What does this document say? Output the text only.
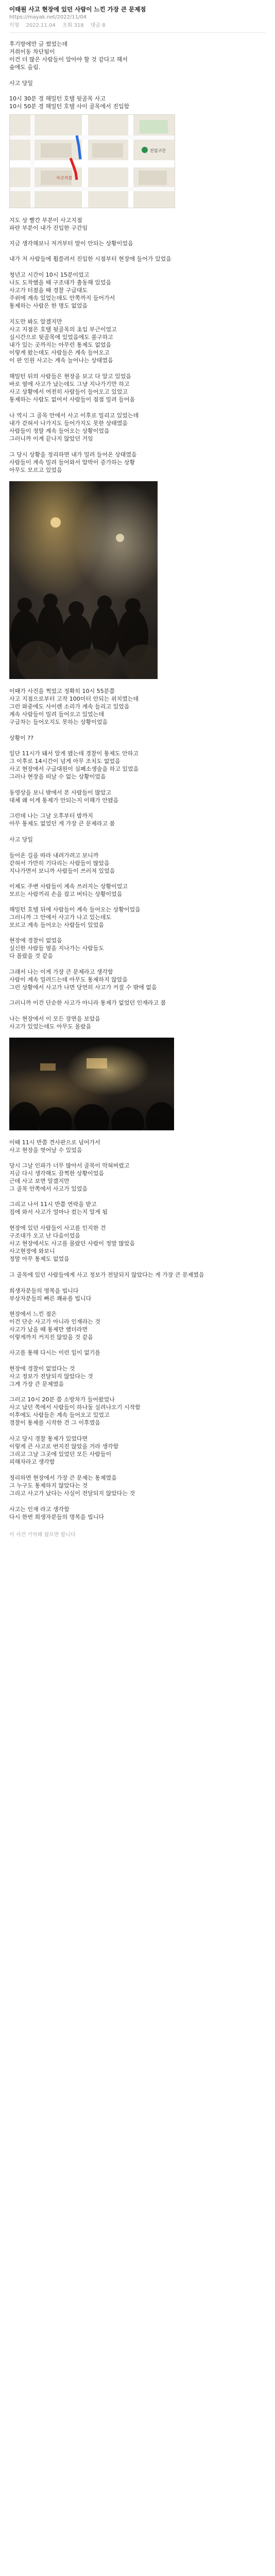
이태원 사고 현장에 있던 사람이 느낀 가장 큰 문제점
https://mayak.net/2022/11/04
익명 2022.11.04 조회 318 댓글 8
후기방에만 글 썼었는데
거취이동 차단됨이
이건 더 많은 사람들이 알아야 할 것 같다고 해서
숲에도 올림.
사고 당일
10시 30분 경 해밀턴 호텔 뒷골목 사고
10시 50분 경 해밀턴 호텔 사이 골목에서 진입함
진입구간
사고지점
지도 상 빨간 부분이 사고지점
파란 부분이 내가 진입한 구간임
지금 생각해보니 저거부터 말이 안되는 상황이었음
내가 저 사람들에 휩쓸려서 진입한 시점부터 현장에 들어가 있었음
청년고 시간이 10시 15분이었고
나도 도착했을 때 구조대가 출동해 있었음
사고가 터졌을 때 경찰 구급대도
주위에 계속 있었는데도 안쪽까지 들어가서
통제하는 사람은 한 명도 없었음
지도만 봐도 알겠지만
사고 지점은 호텔 뒷골목의 초입 부근이었고
실시간으로 뒷골목에 있었음에도 불구하고
내가 있는 곳까지는 아무런 통제도 없었음
이렇게 왔는데도 사람들은 계속 들어오고
이 판 인원 사고는 계속 늘어나는 상태였음
해밀턴 뒤의 사람들은 현장을 보고 다 알고 있었음
바로 옆에 사고가 났는데도 그냥 지나가기만 하고
사고 상황에서 여전히 사람들이 들어오고 있었고
통제하는 사람도 없어서 사람들이 점점 밀려 들어옴
나 역시 그 골목 안에서 사고 이후로 밀리고 있었는데
내가 갇혀서 나가지도 들어가지도 못한 상태였음
사람들이 정말 계속 들어오는 상황이었음
그러니까 이게 끝나지 않았던 거임
그 당시 상황을 정리하면 내가 밀려 들어온 상태였음
사람들이 계속 밀려 들어와서 압박이 증가하는 상황
아무도 모르고 있었음
이때가 사진을 찍었고 정확히 10시 55분쯤
사고 지점으로부터 고작 100미터 안되는 위치였는데
그런 와중에도 사이렌 소리가 계속 들리고 있었음
계속 사람들이 밀려 들어오고 있었는데
구급차는 들어오지도 못하는 상황이었음
상황이 ??
일단 11시가 돼서 알게 됐는데 경찰이 통제도 안하고
그 이후로 14시간이 넘게 아무 조치도 없었음
사고 현장에서 구급대원이 심폐소생술을 하고 있었음
그러나 현장을 떠날 수 없는 상황이었음
동영상을 보니 밖에서 본 사람들이 많았고
대체 왜 이게 통제가 안되는지 이해가 안됐음
그런데 나는 그날 오후부터 밤까지
아무 통제도 없었던 게 가장 큰 문제라고 봄
사고 당일
들어온 길을 따라 내려가려고 보니까
갇혀서 가만히 기다리는 사람들이 많았음
지나가면서 보니까 사람들이 쓰러져 있었음
이제도 주변 사람들이 계속 쓰러지는 상황이었고
모르는 사람끼리 손을 잡고 버티는 상황이었음
해밀턴 호텔 뒤에 사람들이 계속 들어오는 상황이었음
그러니까 그 안에서 사고가 나고 있는데도
모르고 계속 들어오는 사람들이 있었음
현장에 경찰이 없었음
실신한 사람들 옆을 지나가는 사람들도
다 몰랐을 것 같음
그래서 나는 이게 가장 큰 문제라고 생각함
사람이 계속 밀려드는데 아무도 통제하지 않았음
그런 상황에서 사고가 나면 당연히 사고가 커질 수 밖에 없음
그러니까 이건 단순한 사고가 아니라 통제가 없었던 인재라고 봄
나는 현장에서 이 모든 장면을 보았음
사고가 있었는데도 아무도 몰랐음
이때 11시 반쯤 견사판으로 넘어가서
사고 현장을 벗어날 수 있었음
당시 그날 인파가 너무 많아서 골목이 막혀버렸고
지금 다시 생각해도 끔찍한 상황이었음
근데 사고 보면 알겠지만
그 골목 안쪽에서 사고가 있었음
그리고 나서 11시 반쯤 연락을 받고
집에 와서 사고가 얼마나 컸는지 알게 됨
현장에 있던 사람들이 사고를 인지한 건
구조대가 오고 난 다음이었음
사고 현장에서도 사고를 몰랐던 사람이 정말 많았음
사고현장에 와보니
정말 아무 통제도 없었음
그 골목에 있던 사람들에게 사고 정보가 전달되지 않았다는 게 가장 큰 문제였음
희생자분들의 명복을 빕니다
부상자분들의 빠른 쾌유를 빕니다
현장에서 느낀 점은
이건 단순 사고가 아니라 인재라는 것
사고가 났을 때 통제만 했더라면
이렇게까지 커지진 않았을 것 같음
사고를 통해 다시는 이런 일이 없기를
현장에 경찰이 없었다는 것
사고 정보가 전달되지 않았다는 것
그게 가장 큰 문제였음
그러고 10시 20분 쯤 소방차가 들어왔었나
사고 났던 쪽에서 사람들이 하나둘 실려나오기 시작함
이후에도 사람들은 계속 들어오고 있었고
경찰이 통제를 시작한 건 그 이후였음
사고 당시 경찰 통제가 있었다면
이렇게 큰 사고로 번지진 않았을 거라 생각함
그리고 그날 그곳에 있었던 모든 사람들이
피해자라고 생각함
정리하면 현장에서 가장 큰 문제는 통제였음
그 누구도 통제하지 않았다는 것
그리고 사고가 났다는 사실이 전달되지 않았다는 것
사고는 인재 라고 생각함
다시 한번 희생자분들의 명복을 빕니다
이 사건 기억해 줬으면 합니다
